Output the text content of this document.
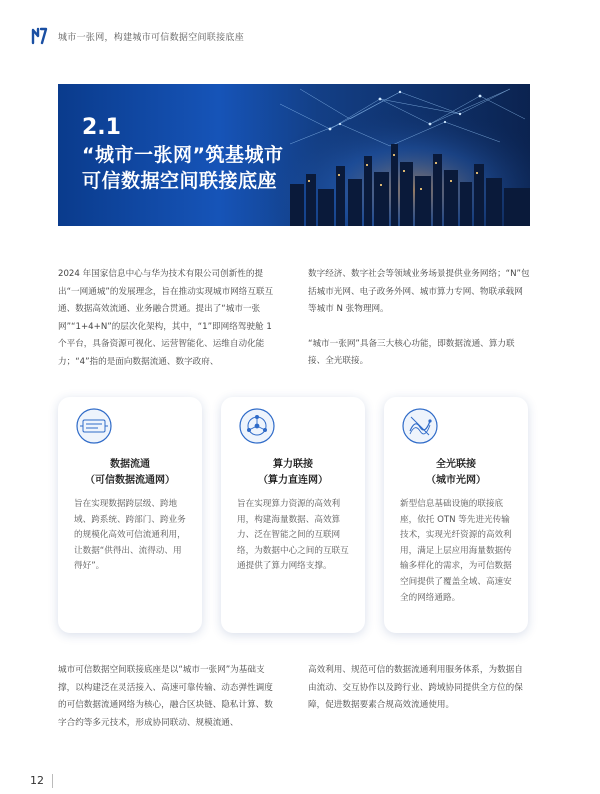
城市一张网，构建城市可信数据空间联接底座
2.1
“城市一张网”筑基城市
可信数据空间联接底座

2024 年国家信息中心与华为技术有限公司创新性的提出“一网通城”的发展理念，旨在推动实现城市网络互联互通、数据高效流通、业务融合贯通。提出了“城市一张网”“1+4+N”的层次化架构，其中，“1”即网络驾驶舱 1 个平台，具备资源可视化、运营智能化、运维自动化能力；“4”指的是面向数据流通、数字政府、

数字经济、数字社会等领域业务场景提供业务网络；“N”包括城市光网、电子政务外网、城市算力专网、物联承载网等城市 N 张物理网。

“城市一张网”具备三大核心功能，即数据流通、算力联接、全光联接。

数据流通
（可信数据流通网）
旨在实现数据跨层级、跨地域、跨系统、跨部门、跨业务的规模化高效可信流通利用，让数据“供得出、流得动、用得好”。
算力联接
（算力直连网）
旨在实现算力资源的高效利用，构建海量数据、高效算力、泛在智能之间的互联网络，为数据中心之间的互联互通提供了算力网络支撑。
全光联接
（城市光网）
新型信息基础设施的联接底座，依托 OTN 等先进光传输技术，实现光纤资源的高效利用，满足上层应用海量数据传输多样化的需求，为可信数据空间提供了覆盖全域、高速安全的网络通路。
城市可信数据空间联接底座是以“城市一张网”为基础支撑，以构建泛在灵活接入、高速可靠传输、动态弹性调度的可信数据流通网络为核心，融合区块链、隐私计算、数字合约等多元技术，形成协同联动、规模流通、
高效利用、规范可信的数据流通利用服务体系，为数据自由流动、交互协作以及跨行业、跨域协同提供全方位的保障，促进数据要素合规高效流通使用。
12
